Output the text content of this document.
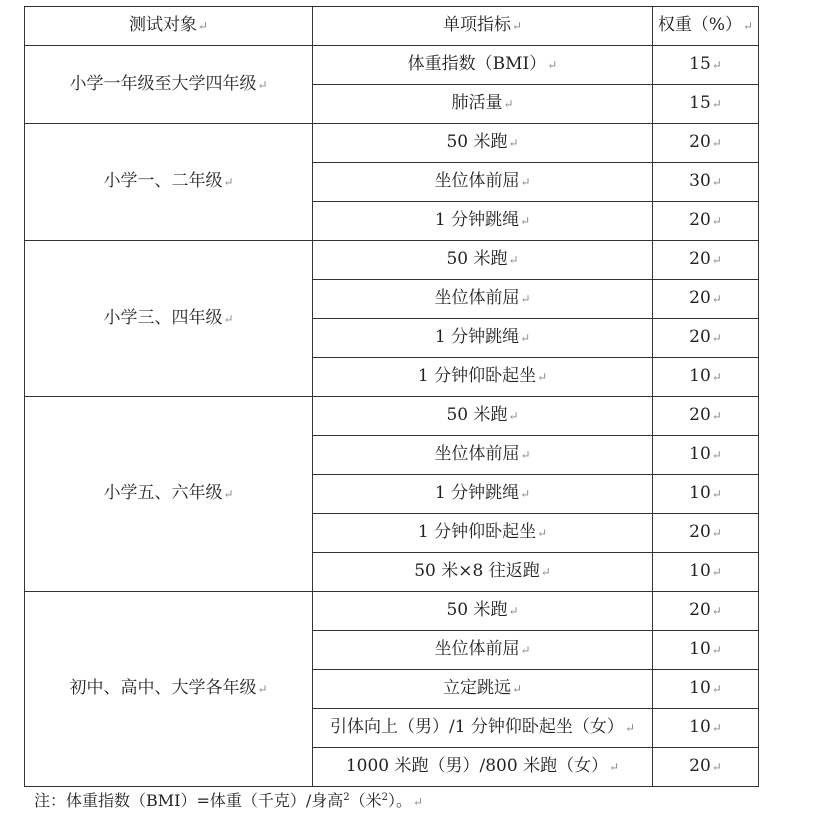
测试对象↵	单项指标↵	权重（%）↵
小学一年级至大学四年级↵	体重指数（BMI）↵	15↵
	肺活量↵	15↵
小学一、二年级↵	50 米跑↵	20↵
	坐位体前屈↵	30↵
	1 分钟跳绳↵	20↵
小学三、四年级↵	50 米跑↵	20↵
	坐位体前屈↵	20↵
	1 分钟跳绳↵	20↵
	1 分钟仰卧起坐↵	10↵
小学五、六年级↵	50 米跑↵	20↵
	坐位体前屈↵	10↵
	1 分钟跳绳↵	10↵
	1 分钟仰卧起坐↵	20↵
	50 米×8 往返跑↵	10↵
初中、高中、大学各年级↵	50 米跑↵	20↵
	坐位体前屈↵	10↵
	立定跳远↵	10↵
	引体向上（男）/1 分钟仰卧起坐（女）↵	10↵
	1000 米跑（男）/800 米跑（女）↵	20↵
注：体重指数（BMI）=体重（千克）/身高$^2$（米$^2$）。↵
